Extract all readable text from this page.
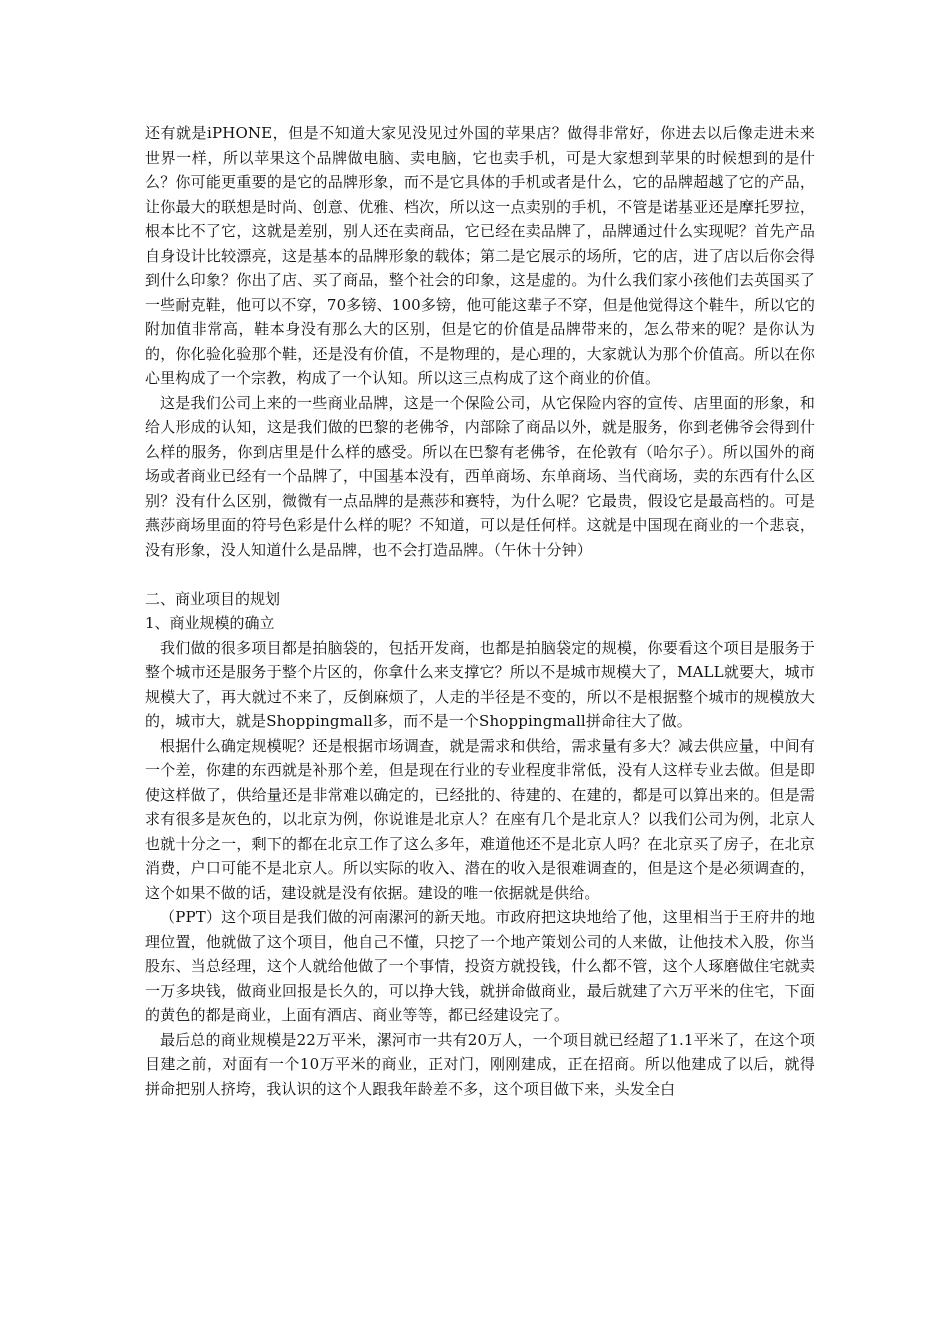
还有就是iPHONE，但是不知道大家见没见过外国的苹果店？做得非常好，你进去以后像走进未来世界一样，所以苹果这个品牌做电脑、卖电脑，它也卖手机，可是大家想到苹果的时候想到的是什么？你可能更重要的是它的品牌形象，而不是它具体的手机或者是什么，它的品牌超越了它的产品，让你最大的联想是时尚、创意、优雅、档次，所以这一点卖别的手机，不管是诺基亚还是摩托罗拉，根本比不了它，这就是差别，别人还在卖商品，它已经在卖品牌了，品牌通过什么实现呢？首先产品自身设计比较漂亮，这是基本的品牌形象的载体；第二是它展示的场所，它的店，进了店以后你会得到什么印象？你出了店、买了商品，整个社会的印象，这是虚的。为什么我们家小孩他们去英国买了一些耐克鞋，他可以不穿，70多镑、100多镑，他可能这辈子不穿，但是他觉得这个鞋牛，所以它的附加值非常高，鞋本身没有那么大的区别，但是它的价值是品牌带来的，怎么带来的呢？是你认为的，你化验化验那个鞋，还是没有价值，不是物理的，是心理的，大家就认为那个价值高。所以在你心里构成了一个宗教，构成了一个认知。所以这三点构成了这个商业的价值。

这是我们公司上来的一些商业品牌，这是一个保险公司，从它保险内容的宣传、店里面的形象，和给人形成的认知，这是我们做的巴黎的老佛爷，内部除了商品以外，就是服务，你到老佛爷会得到什么样的服务，你到店里是什么样的感受。所以在巴黎有老佛爷，在伦敦有（哈尔子）。所以国外的商场或者商业已经有一个品牌了，中国基本没有，西单商场、东单商场、当代商场，卖的东西有什么区别？没有什么区别，微微有一点品牌的是燕莎和赛特，为什么呢？它最贵，假设它是最高档的。可是燕莎商场里面的符号色彩是什么样的呢？不知道，可以是任何样。这就是中国现在商业的一个悲哀，没有形象，没人知道什么是品牌，也不会打造品牌。（午休十分钟）

二、商业项目的规划

1、商业规模的确立

我们做的很多项目都是拍脑袋的，包括开发商，也都是拍脑袋定的规模，你要看这个项目是服务于整个城市还是服务于整个片区的，你拿什么来支撑它？所以不是城市规模大了，MALL就要大，城市规模大了，再大就过不来了，反倒麻烦了，人走的半径是不变的，所以不是根据整个城市的规模放大的，城市大，就是Shoppingmall多，而不是一个Shoppingmall拼命往大了做。

根据什么确定规模呢？还是根据市场调查，就是需求和供给，需求量有多大？减去供应量，中间有一个差，你建的东西就是补那个差，但是现在行业的专业程度非常低，没有人这样专业去做。但是即使这样做了，供给量还是非常难以确定的，已经批的、待建的、在建的，都是可以算出来的。但是需求有很多是灰色的，以北京为例，你说谁是北京人？在座有几个是北京人？以我们公司为例，北京人也就十分之一，剩下的都在北京工作了这么多年，难道他还不是北京人吗？在北京买了房子，在北京消费，户口可能不是北京人。所以实际的收入、潜在的收入是很难调查的，但是这个是必须调查的，这个如果不做的话，建设就是没有依据。建设的唯一依据就是供给。

（PPT）这个项目是我们做的河南漯河的新天地。市政府把这块地给了他，这里相当于王府井的地理位置，他就做了这个项目，他自己不懂，只挖了一个地产策划公司的人来做，让他技术入股，你当股东、当总经理，这个人就给他做了一个事情，投资方就投钱，什么都不管，这个人琢磨做住宅就卖一万多块钱，做商业回报是长久的，可以挣大钱，就拼命做商业，最后就建了六万平米的住宅，下面的黄色的都是商业，上面有酒店、商业等等，都已经建设完了。

最后总的商业规模是22万平米，漯河市一共有20万人，一个项目就已经超了1.1平米了，在这个项目建之前，对面有一个10万平米的商业，正对门，刚刚建成，正在招商。所以他建成了以后，就得拼命把别人挤垮，我认识的这个人跟我年龄差不多，这个项目做下来，头发全白
